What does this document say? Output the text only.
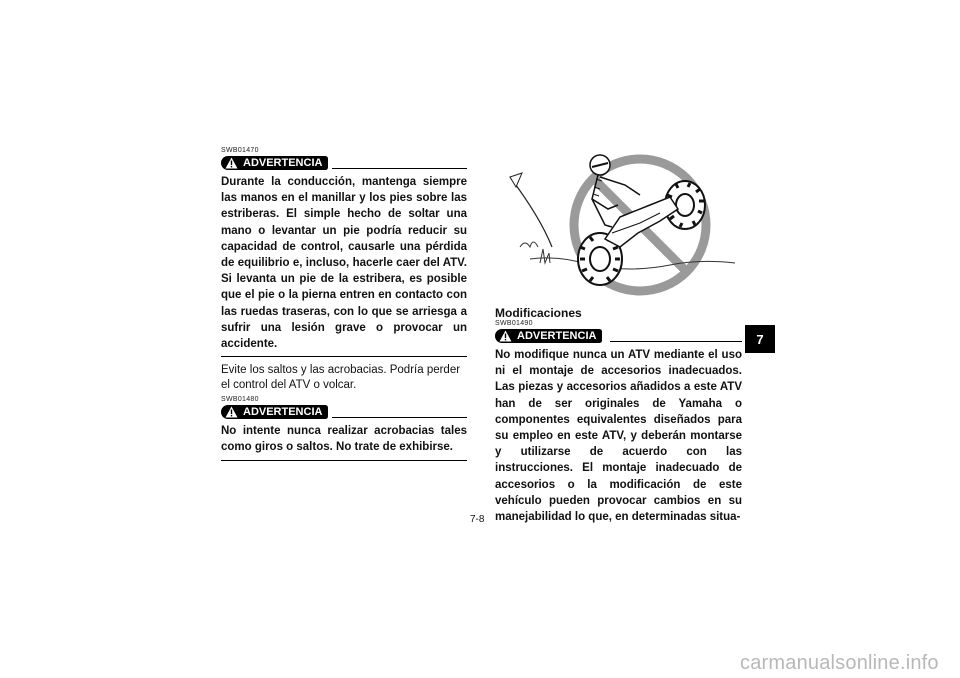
SWB01470
ADVERTENCIA
Durante la conducción, mantenga siempre las manos en el manillar y los pies sobre las estriberas. El simple hecho de soltar una mano o levantar un pie podría reducir su capacidad de control, causarle una pérdida de equilibrio e, incluso, hacerle caer del ATV. Si levanta un pie de la estribera, es posible que el pie o la pierna entren en contacto con las ruedas traseras, con lo que se arriesga a sufrir una lesión grave o provocar un accidente.
Evite los saltos y las acrobacias. Podría perder el control del ATV o volcar.
SWB01480
ADVERTENCIA
No intente nunca realizar acrobacias tales como giros o saltos. No trate de exhibirse.
Modificaciones
SWB01490
ADVERTENCIA
No modifique nunca un ATV mediante el uso ni el montaje de accesorios inadecuados. Las piezas y accesorios añadidos a este ATV han de ser originales de Yamaha o componentes equivalentes diseñados para su empleo en este ATV, y deberán montarse y utilizarse de acuerdo con las instrucciones. El montaje inadecuado de accesorios o la modificación de este vehículo pueden provocar cambios en su manejabilidad lo que, en determinadas situa-
7
7-8
carmanualsonline.info
